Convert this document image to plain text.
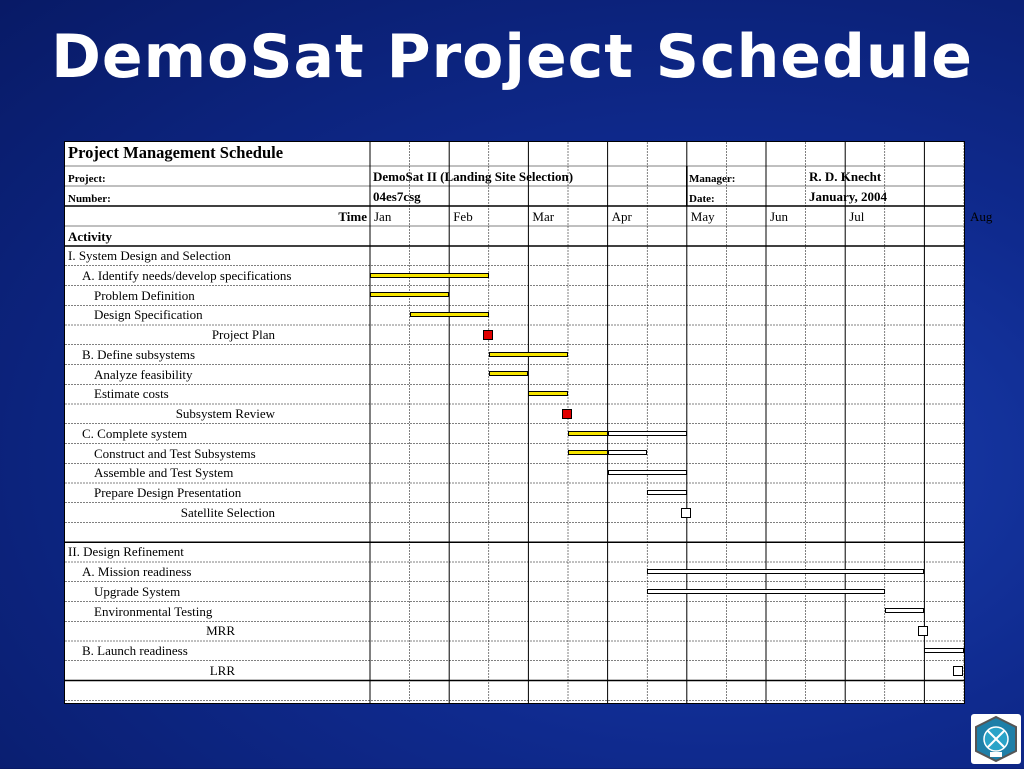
DemoSat Project Schedule
Project Management Schedule
Project:	DemoSat II (Landing Site Selection)	Manager:	R. D. Knecht
Number:	04es7csg	Date:	January, 2004
Time Jan	Feb	Mar	Apr	May	Jun	Jul	Aug
Activity
I. System Design and Selection
A. Identify needs/develop specifications
Problem Definition
Design Specification
Project Plan
B. Define subsystems
Analyze feasibility
Estimate costs
Subsystem Review
C. Complete system
Construct and Test Subsystems
Assemble and Test System
Prepare Design Presentation
Satellite Selection
II. Design Refinement
A. Mission readiness
Upgrade System
Environmental Testing
MRR
B. Launch readiness
LRR
